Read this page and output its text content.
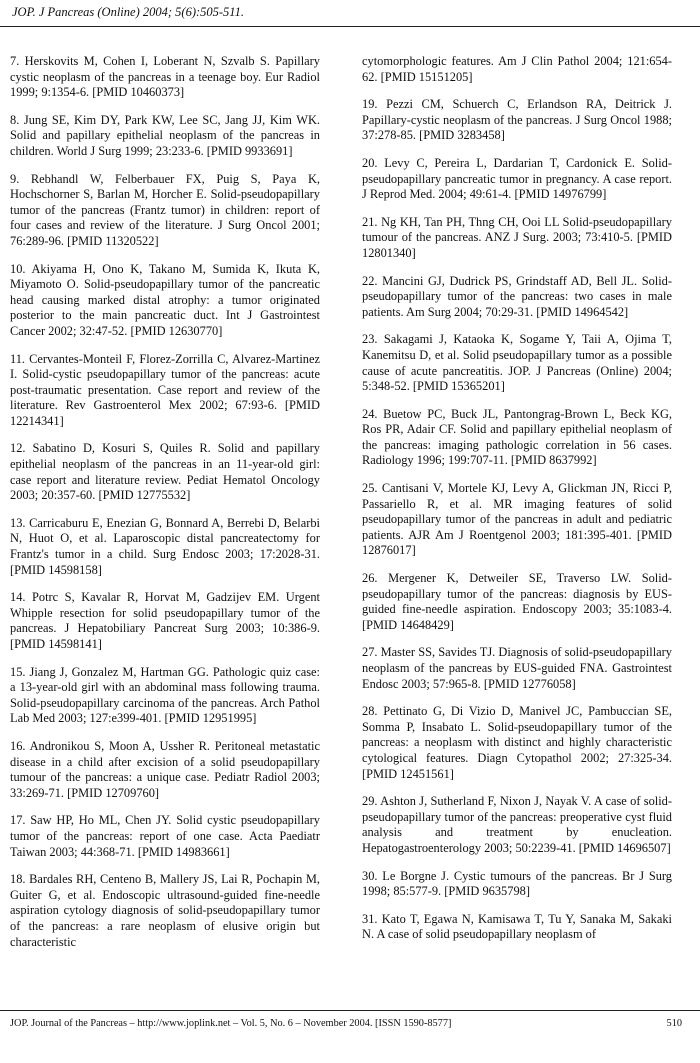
JOP. J Pancreas (Online) 2004; 5(6):505-511.

7. Herskovits M, Cohen I, Loberant N, Szvalb S. Papillary cystic neoplasm of the pancreas in a teenage boy. Eur Radiol 1999; 9:1354-6. [PMID 10460373]

8. Jung SE, Kim DY, Park KW, Lee SC, Jang JJ, Kim WK. Solid and papillary epithelial neoplasm of the pancreas in children. World J Surg 1999; 23:233-6. [PMID 9933691]

9. Rebhandl W, Felberbauer FX, Puig S, Paya K, Hochschorner S, Barlan M, Horcher E. Solid-pseudopapillary tumor of the pancreas (Frantz tumor) in children: report of four cases and review of the literature. J Surg Oncol 2001; 76:289-96. [PMID 11320522]

10. Akiyama H, Ono K, Takano M, Sumida K, Ikuta K, Miyamoto O. Solid-pseudopapillary tumor of the pancreatic head causing marked distal atrophy: a tumor originated posterior to the main pancreatic duct. Int J Gastrointest Cancer 2002; 32:47-52. [PMID 12630770]

11. Cervantes-Monteil F, Florez-Zorrilla C, Alvarez-Martinez I. Solid-cystic pseudopapillary tumor of the pancreas: acute post-traumatic presentation. Case report and review of the literature. Rev Gastroenterol Mex 2002; 67:93-6. [PMID 12214341]

12. Sabatino D, Kosuri S, Quiles R. Solid and papillary epithelial neoplasm of the pancreas in an 11-year-old girl: case report and literature review. Pediat Hematol Oncology 2003; 20:357-60. [PMID 12775532]

13. Carricaburu E, Enezian G, Bonnard A, Berrebi D, Belarbi N, Huot O, et al. Laparoscopic distal pancreatectomy for Frantz's tumor in a child. Surg Endosc 2003; 17:2028-31. [PMID 14598158]

14. Potrc S, Kavalar R, Horvat M, Gadzijev EM. Urgent Whipple resection for solid pseudopapillary tumor of the pancreas. J Hepatobiliary Pancreat Surg 2003; 10:386-9. [PMID 14598141]

15. Jiang J, Gonzalez M, Hartman GG. Pathologic quiz case: a 13-year-old girl with an abdominal mass following trauma. Solid-pseudopapillary carcinoma of the pancreas. Arch Pathol Lab Med 2003; 127:e399-401. [PMID 12951995]

16. Andronikou S, Moon A, Ussher R. Peritoneal metastatic disease in a child after excision of a solid pseudopapillary tumour of the pancreas: a unique case. Pediatr Radiol 2003; 33:269-71. [PMID 12709760]

17. Saw HP, Ho ML, Chen JY. Solid cystic pseudopapillary tumor of the pancreas: report of one case. Acta Paediatr Taiwan 2003; 44:368-71. [PMID 14983661]

18. Bardales RH, Centeno B, Mallery JS, Lai R, Pochapin M, Guiter G, et al. Endoscopic ultrasound-guided fine-needle aspiration cytology diagnosis of solid-pseudopapillary tumor of the pancreas: a rare neoplasm of elusive origin but characteristic

cytomorphologic features. Am J Clin Pathol 2004; 121:654-62. [PMID 15151205]

19. Pezzi CM, Schuerch C, Erlandson RA, Deitrick J. Papillary-cystic neoplasm of the pancreas. J Surg Oncol 1988; 37:278-85. [PMID 3283458]

20. Levy C, Pereira L, Dardarian T, Cardonick E. Solid-pseudopapillary pancreatic tumor in pregnancy. A case report. J Reprod Med. 2004; 49:61-4. [PMID 14976799]

21. Ng KH, Tan PH, Thng CH, Ooi LL Solid-pseudopapillary tumour of the pancreas. ANZ J Surg. 2003; 73:410-5. [PMID 12801340]

22. Mancini GJ, Dudrick PS, Grindstaff AD, Bell JL. Solid-pseudopapillary tumor of the pancreas: two cases in male patients. Am Surg 2004; 70:29-31. [PMID 14964542]

23. Sakagami J, Kataoka K, Sogame Y, Taii A, Ojima T, Kanemitsu D, et al. Solid pseudopapillary tumor as a possible cause of acute pancreatitis. JOP. J Pancreas (Online) 2004; 5:348-52. [PMID 15365201]

24. Buetow PC, Buck JL, Pantongrag-Brown L, Beck KG, Ros PR, Adair CF. Solid and papillary epithelial neoplasm of the pancreas: imaging pathologic correlation in 56 cases. Radiology 1996; 199:707-11. [PMID 8637992]

25. Cantisani V, Mortele KJ, Levy A, Glickman JN, Ricci P, Passariello R, et al. MR imaging features of solid pseudopapillary tumor of the pancreas in adult and pediatric patients. AJR Am J Roentgenol 2003; 181:395-401. [PMID 12876017]

26. Mergener K, Detweiler SE, Traverso LW. Solid-pseudopapillary tumor of the pancreas: diagnosis by EUS-guided fine-needle aspiration. Endoscopy 2003; 35:1083-4. [PMID 14648429]

27. Master SS, Savides TJ. Diagnosis of solid-pseudopapillary neoplasm of the pancreas by EUS-guided FNA. Gastrointest Endosc 2003; 57:965-8. [PMID 12776058]

28. Pettinato G, Di Vizio D, Manivel JC, Pambuccian SE, Somma P, Insabato L. Solid-pseudopapillary tumor of the pancreas: a neoplasm with distinct and highly characteristic cytological features. Diagn Cytopathol 2002; 27:325-34. [PMID 12451561]

29. Ashton J, Sutherland F, Nixon J, Nayak V. A case of solid-pseudopapillary tumor of the pancreas: preoperative cyst fluid analysis and treatment by enucleation. Hepatogastroenterology 2003; 50:2239-41. [PMID 14696507]

30. Le Borgne J. Cystic tumours of the pancreas. Br J Surg 1998; 85:577-9. [PMID 9635798]

31. Kato T, Egawa N, Kamisawa T, Tu Y, Sanaka M, Sakaki N. A case of solid pseudopapillary neoplasm of

JOP. Journal of the Pancreas – http://www.joplink.net – Vol. 5, No. 6 – November 2004. [ISSN 1590-8577]	510
